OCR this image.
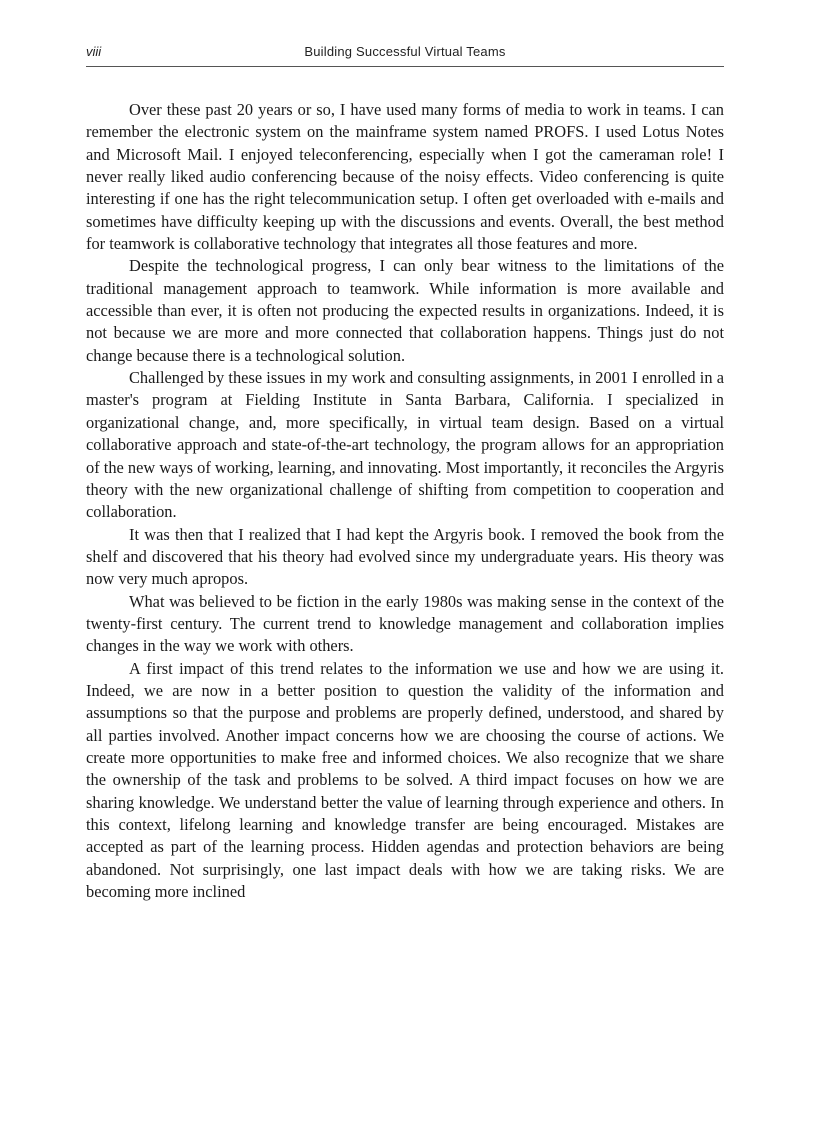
viii	Building Successful Virtual Teams

Over these past 20 years or so, I have used many forms of media to work in teams. I can remember the electronic system on the mainframe system named PROFS. I used Lotus Notes and Microsoft Mail. I enjoyed teleconferencing, especially when I got the cameraman role! I never really liked audio conferencing because of the noisy effects. Video conferencing is quite interesting if one has the right telecommunication setup. I often get overloaded with e-mails and sometimes have difficulty keeping up with the discussions and events. Overall, the best method for teamwork is collaborative technology that integrates all those features and more.

Despite the technological progress, I can only bear witness to the limitations of the traditional management approach to teamwork. While information is more available and accessible than ever, it is often not producing the expected results in organizations. Indeed, it is not because we are more and more connected that collaboration happens. Things just do not change because there is a technological solution.

Challenged by these issues in my work and consulting assignments, in 2001 I enrolled in a master's program at Fielding Institute in Santa Barbara, California. I specialized in organizational change, and, more specifically, in virtual team design. Based on a virtual collaborative approach and state-of-the-art technology, the program allows for an appropriation of the new ways of working, learning, and innovating. Most importantly, it reconciles the Argyris theory with the new organizational challenge of shifting from competition to cooperation and collaboration.

It was then that I realized that I had kept the Argyris book. I removed the book from the shelf and discovered that his theory had evolved since my undergraduate years. His theory was now very much apropos.

What was believed to be fiction in the early 1980s was making sense in the context of the twenty-first century. The current trend to knowledge management and collaboration implies changes in the way we work with others.

A first impact of this trend relates to the information we use and how we are using it. Indeed, we are now in a better position to question the validity of the information and assumptions so that the purpose and problems are properly defined, understood, and shared by all parties involved. Another impact concerns how we are choosing the course of actions. We create more opportunities to make free and informed choices. We also recognize that we share the ownership of the task and problems to be solved. A third impact focuses on how we are sharing knowledge. We understand better the value of learning through experience and others. In this context, lifelong learning and knowledge transfer are being encouraged. Mistakes are accepted as part of the learning process. Hidden agendas and protection behaviors are being abandoned. Not surprisingly, one last impact deals with how we are taking risks. We are becoming more inclined
